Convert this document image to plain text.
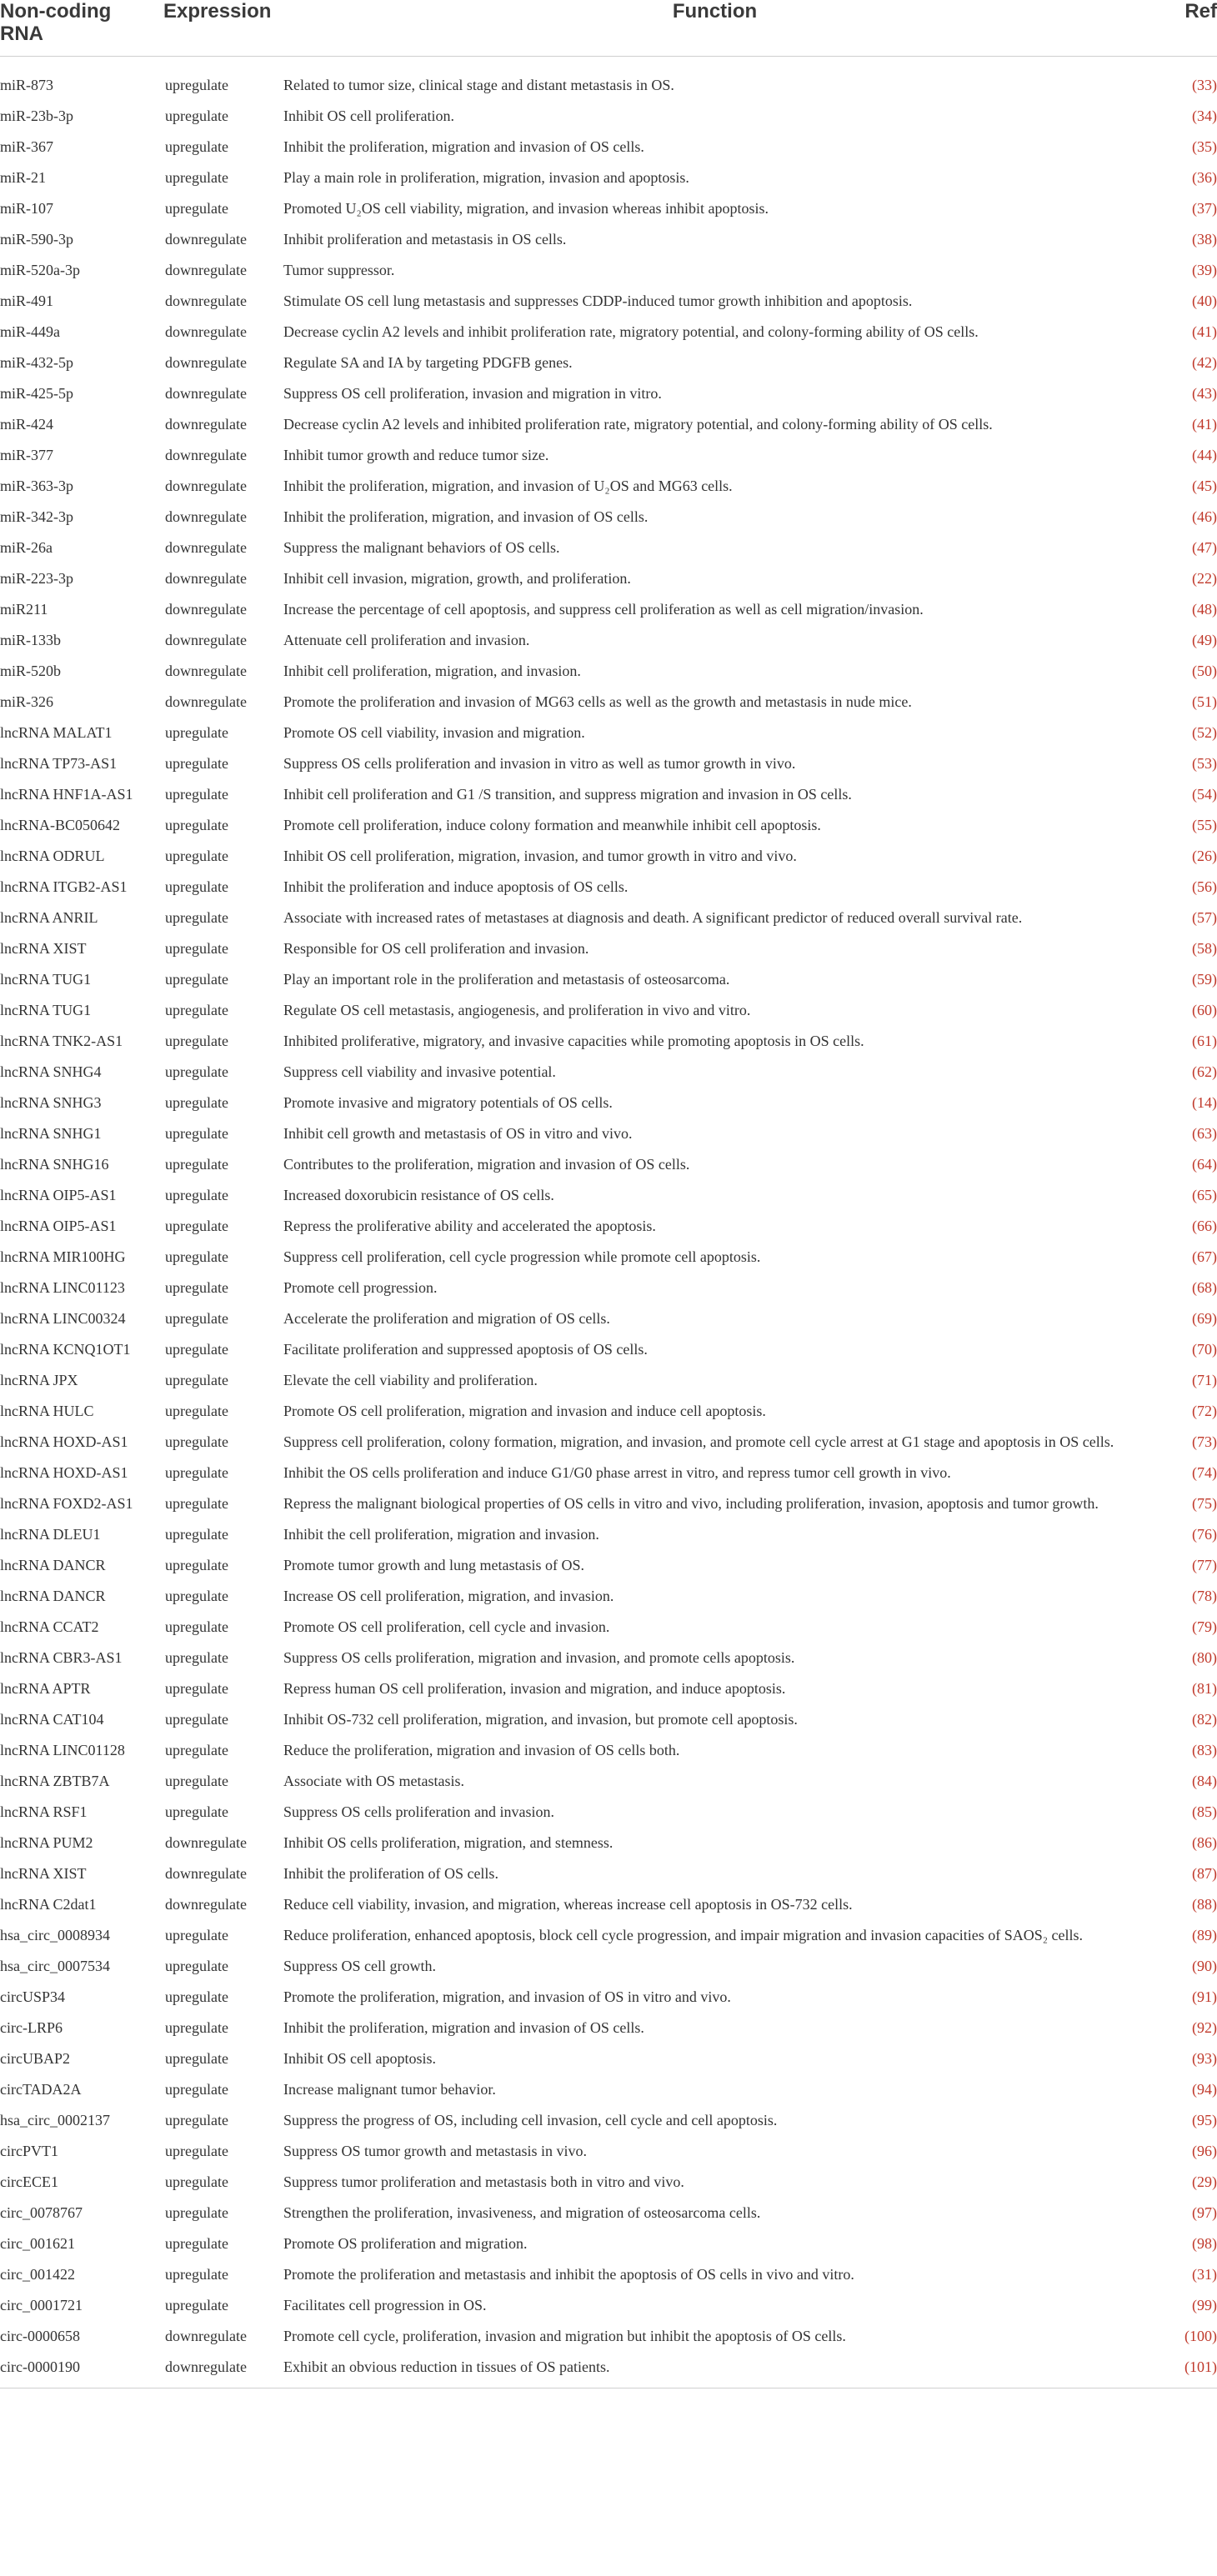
Non-coding
RNA	Expression	Function	Ref
miR-873	upregulate	Related to tumor size, clinical stage and distant metastasis in OS.	(33)
miR-23b-3p	upregulate	Inhibit OS cell proliferation.	(34)
miR-367	upregulate	Inhibit the proliferation, migration and invasion of OS cells.	(35)
miR-21	upregulate	Play a main role in proliferation, migration, invasion and apoptosis.	(36)
miR-107	upregulate	Promoted U₂OS cell viability, migration, and invasion whereas inhibit apoptosis.	(37)
miR-590-3p	downregulate	Inhibit proliferation and metastasis in OS cells.	(38)
miR-520a-3p	downregulate	Tumor suppressor.	(39)
miR-491	downregulate	Stimulate OS cell lung metastasis and suppresses CDDP-induced tumor growth inhibition and apoptosis.	(40)
miR-449a	downregulate	Decrease cyclin A2 levels and inhibit proliferation rate, migratory potential, and colony-forming ability of OS cells.	(41)
miR-432-5p	downregulate	Regulate SA and IA by targeting PDGFB genes.	(42)
miR-425-5p	downregulate	Suppress OS cell proliferation, invasion and migration in vitro.	(43)
miR-424	downregulate	Decrease cyclin A2 levels and inhibited proliferation rate, migratory potential, and colony-forming ability of OS cells.	(41)
miR-377	downregulate	Inhibit tumor growth and reduce tumor size.	(44)
miR-363-3p	downregulate	Inhibit the proliferation, migration, and invasion of U₂OS and MG63 cells.	(45)
miR-342-3p	downregulate	Inhibit the proliferation, migration, and invasion of OS cells.	(46)
miR-26a	downregulate	Suppress the malignant behaviors of OS cells.	(47)
miR-223-3p	downregulate	Inhibit cell invasion, migration, growth, and proliferation.	(22)
miR211	downregulate	Increase the percentage of cell apoptosis, and suppress cell proliferation as well as cell migration/invasion.	(48)
miR-133b	downregulate	Attenuate cell proliferation and invasion.	(49)
miR-520b	downregulate	Inhibit cell proliferation, migration, and invasion.	(50)
miR-326	downregulate	Promote the proliferation and invasion of MG63 cells as well as the growth and metastasis in nude mice.	(51)
lncRNA MALAT1	upregulate	Promote OS cell viability, invasion and migration.	(52)
lncRNA TP73-AS1	upregulate	Suppress OS cells proliferation and invasion in vitro as well as tumor growth in vivo.	(53)
lncRNA HNF1A-AS1	upregulate	Inhibit cell proliferation and G1 /S transition, and suppress migration and invasion in OS cells.	(54)
lncRNA-BC050642	upregulate	Promote cell proliferation, induce colony formation and meanwhile inhibit cell apoptosis.	(55)
lncRNA ODRUL	upregulate	Inhibit OS cell proliferation, migration, invasion, and tumor growth in vitro and vivo.	(26)
lncRNA ITGB2-AS1	upregulate	Inhibit the proliferation and induce apoptosis of OS cells.	(56)
lncRNA ANRIL	upregulate	Associate with increased rates of metastases at diagnosis and death. A significant predictor of reduced overall survival rate.	(57)
lncRNA XIST	upregulate	Responsible for OS cell proliferation and invasion.	(58)
lncRNA TUG1	upregulate	Play an important role in the proliferation and metastasis of osteosarcoma.	(59)
lncRNA TUG1	upregulate	Regulate OS cell metastasis, angiogenesis, and proliferation in vivo and vitro.	(60)
lncRNA TNK2-AS1	upregulate	Inhibited proliferative, migratory, and invasive capacities while promoting apoptosis in OS cells.	(61)
lncRNA SNHG4	upregulate	Suppress cell viability and invasive potential.	(62)
lncRNA SNHG3	upregulate	Promote invasive and migratory potentials of OS cells.	(14)
lncRNA SNHG1	upregulate	Inhibit cell growth and metastasis of OS in vitro and vivo.	(63)
lncRNA SNHG16	upregulate	Contributes to the proliferation, migration and invasion of OS cells.	(64)
lncRNA OIP5-AS1	upregulate	Increased doxorubicin resistance of OS cells.	(65)
lncRNA OIP5-AS1	upregulate	Repress the proliferative ability and accelerated the apoptosis.	(66)
lncRNA MIR100HG	upregulate	Suppress cell proliferation, cell cycle progression while promote cell apoptosis.	(67)
lncRNA LINC01123	upregulate	Promote cell progression.	(68)
lncRNA LINC00324	upregulate	Accelerate the proliferation and migration of OS cells.	(69)
lncRNA KCNQ1OT1	upregulate	Facilitate proliferation and suppressed apoptosis of OS cells.	(70)
lncRNA JPX	upregulate	Elevate the cell viability and proliferation.	(71)
lncRNA HULC	upregulate	Promote OS cell proliferation, migration and invasion and induce cell apoptosis.	(72)
lncRNA HOXD-AS1	upregulate	Suppress cell proliferation, colony formation, migration, and invasion, and promote cell cycle arrest at G1 stage and apoptosis in OS cells.	(73)
lncRNA HOXD-AS1	upregulate	Inhibit the OS cells proliferation and induce G1/G0 phase arrest in vitro, and repress tumor cell growth in vivo.	(74)
lncRNA FOXD2-AS1	upregulate	Repress the malignant biological properties of OS cells in vitro and vivo, including proliferation, invasion, apoptosis and tumor growth.	(75)
lncRNA DLEU1	upregulate	Inhibit the cell proliferation, migration and invasion.	(76)
lncRNA DANCR	upregulate	Promote tumor growth and lung metastasis of OS.	(77)
lncRNA DANCR	upregulate	Increase OS cell proliferation, migration, and invasion.	(78)
lncRNA CCAT2	upregulate	Promote OS cell proliferation, cell cycle and invasion.	(79)
lncRNA CBR3-AS1	upregulate	Suppress OS cells proliferation, migration and invasion, and promote cells apoptosis.	(80)
lncRNA APTR	upregulate	Repress human OS cell proliferation, invasion and migration, and induce apoptosis.	(81)
lncRNA CAT104	upregulate	Inhibit OS-732 cell proliferation, migration, and invasion, but promote cell apoptosis.	(82)
lncRNA LINC01128	upregulate	Reduce the proliferation, migration and invasion of OS cells both.	(83)
lncRNA ZBTB7A	upregulate	Associate with OS metastasis.	(84)
lncRNA RSF1	upregulate	Suppress OS cells proliferation and invasion.	(85)
lncRNA PUM2	downregulate	Inhibit OS cells proliferation, migration, and stemness.	(86)
lncRNA XIST	downregulate	Inhibit the proliferation of OS cells.	(87)
lncRNA C2dat1	downregulate	Reduce cell viability, invasion, and migration, whereas increase cell apoptosis in OS-732 cells.	(88)
hsa_circ_0008934	upregulate	Reduce proliferation, enhanced apoptosis, block cell cycle progression, and impair migration and invasion capacities of SAOS₂ cells.	(89)
hsa_circ_0007534	upregulate	Suppress OS cell growth.	(90)
circUSP34	upregulate	Promote the proliferation, migration, and invasion of OS in vitro and vivo.	(91)
circ-LRP6	upregulate	Inhibit the proliferation, migration and invasion of OS cells.	(92)
circUBAP2	upregulate	Inhibit OS cell apoptosis.	(93)
circTADA2A	upregulate	Increase malignant tumor behavior.	(94)
hsa_circ_0002137	upregulate	Suppress the progress of OS, including cell invasion, cell cycle and cell apoptosis.	(95)
circPVT1	upregulate	Suppress OS tumor growth and metastasis in vivo.	(96)
circECE1	upregulate	Suppress tumor proliferation and metastasis both in vitro and vivo.	(29)
circ_0078767	upregulate	Strengthen the proliferation, invasiveness, and migration of osteosarcoma cells.	(97)
circ_001621	upregulate	Promote OS proliferation and migration.	(98)
circ_001422	upregulate	Promote the proliferation and metastasis and inhibit the apoptosis of OS cells in vivo and vitro.	(31)
circ_0001721	upregulate	Facilitates cell progression in OS.	(99)
circ-0000658	downregulate	Promote cell cycle, proliferation, invasion and migration but inhibit the apoptosis of OS cells.	(100)
circ-0000190	downregulate	Exhibit an obvious reduction in tissues of OS patients.	(101)
